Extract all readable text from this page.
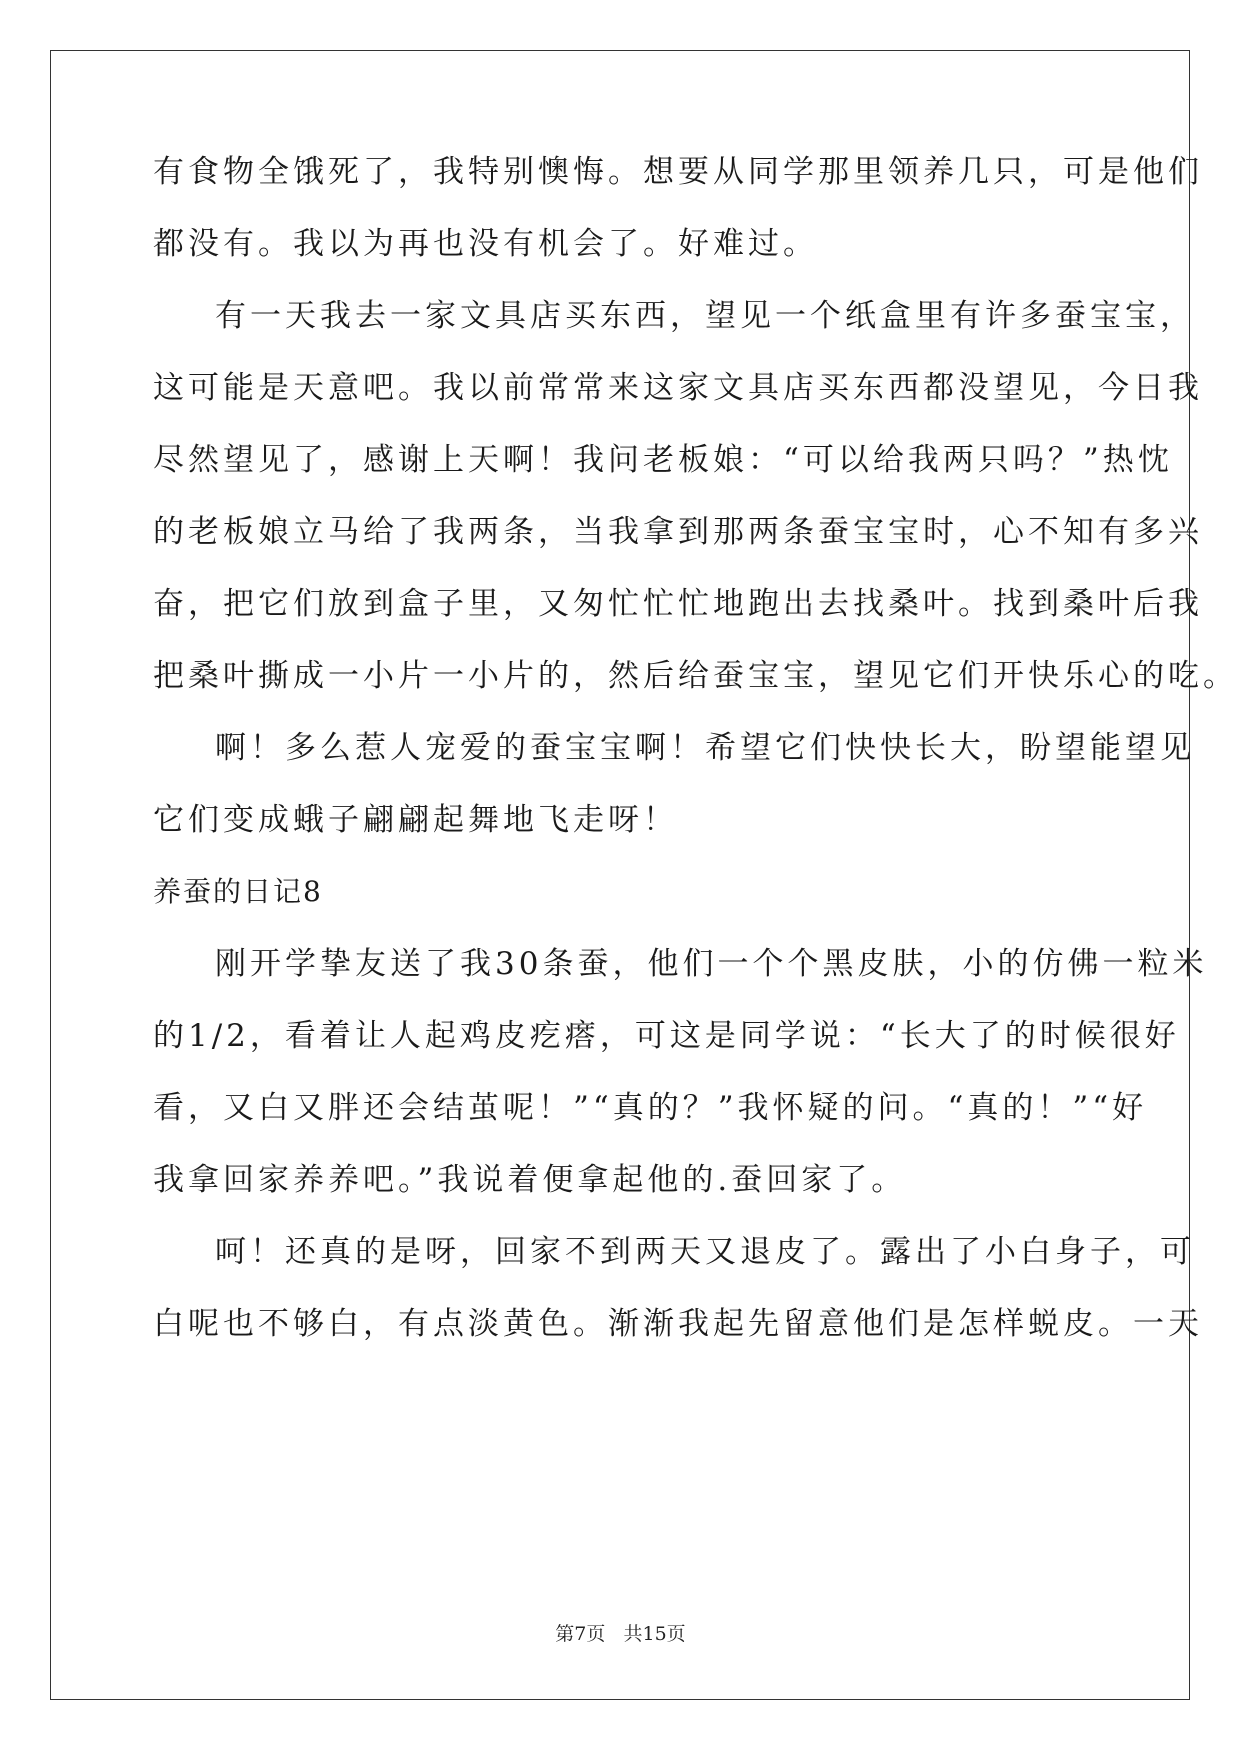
有食物全饿死了，我特别懊悔。想要从同学那里领养几只，可是他们
都没有。我以为再也没有机会了。好难过。
有一天我去一家文具店买东西，望见一个纸盒里有许多蚕宝宝，
这可能是天意吧。我以前常常来这家文具店买东西都没望见，今日我
尽然望见了，感谢上天啊！我问老板娘：“可以给我两只吗？”热忱
的老板娘立马给了我两条，当我拿到那两条蚕宝宝时，心不知有多兴
奋，把它们放到盒子里，又匆忙忙忙地跑出去找桑叶。找到桑叶后我
把桑叶撕成一小片一小片的，然后给蚕宝宝，望见它们开快乐心的吃。
啊！多么惹人宠爱的蚕宝宝啊！希望它们快快长大，盼望能望见
它们变成蛾子翩翩起舞地飞走呀！
养蚕的日记8
刚开学挚友送了我30条蚕，他们一个个黑皮肤，小的仿佛一粒米
的1/2，看着让人起鸡皮疙瘩，可这是同学说：“长大了的时候很好
看，又白又胖还会结茧呢！”“真的？”我怀疑的问。“真的！”“好
我拿回家养养吧。”我说着便拿起他的.蚕回家了。
呵！还真的是呀，回家不到两天又退皮了。露出了小白身子，可
白呢也不够白，有点淡黄色。渐渐我起先留意他们是怎样蜕皮。一天
第7页   共15页
